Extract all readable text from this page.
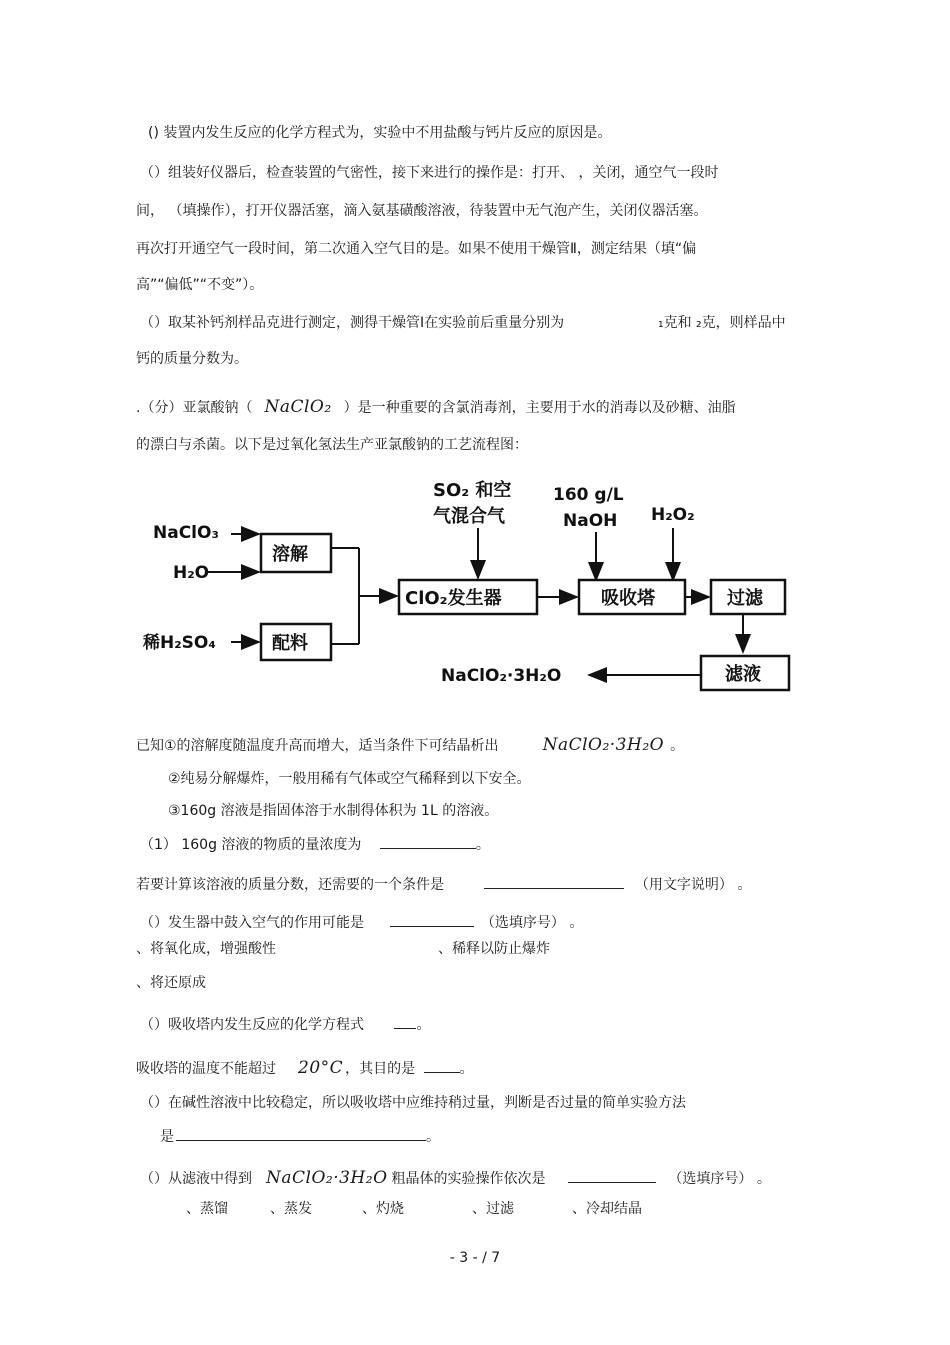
() 装置内发生反应的化学方程式为，实验中不用盐酸与钙片反应的原因是。
（）组装好仪器后，检查装置的气密性，接下来进行的操作是：打开、 ，关闭，通空气一段时
间， （填操作），打开仪器活塞，滴入氨基磺酸溶液，待装置中无气泡产生，关闭仪器活塞。
再次打开通空气一段时间，第二次通入空气目的是。如果不使用干燥管Ⅱ，测定结果（填“偏
高”“偏低”“不变”）。
（）取某补钙剂样品克进行测定，测得干燥管Ⅰ在实验前后重量分别为	₁克和 ₂克，则样品中
钙的质量分数为。
.（分）亚氯酸钠（ NaClO₂ ）是一种重要的含氯消毒剂，主要用于水的消毒以及砂糖、油脂
的漂白与杀菌。以下是过氧化氢法生产亚氯酸钠的工艺流程图：
NaClO₃
H₂O
稀H₂SO₄
溶解
配料
ClO₂发生器
SO₂ 和空
气混合气
160 g/L
NaOH H₂O₂
吸收塔	过滤
滤液
NaClO₂·3H₂O
已知①的溶解度随温度升高而增大，适当条件下可结晶析出	NaClO₂·3H₂O 。
②纯易分解爆炸，一般用稀有气体或空气稀释到以下安全。
③160g 溶液是指固体溶于水制得体积为 1L 的溶液。
（1） 160g 溶液的物质的量浓度为	。
若要计算该溶液的质量分数，还需要的一个条件是	（用文字说明） 。
（）发生器中鼓入空气的作用可能是	（选填序号） 。
、将氧化成，增强酸性	、稀释以防止爆炸
、将还原成
（）吸收塔内发生反应的化学方程式	。
吸收塔的温度不能超过 20°C ，其目的是	。
（）在碱性溶液中比较稳定，所以吸收塔中应维持稍过量，判断是否过量的简单实验方法
是	。
（）从滤液中得到 NaClO₂·3H₂O 粗晶体的实验操作依次是	（选填序号） 。
、蒸馏	、蒸发	、灼烧	、过滤	、冷却结晶
- 3 - / 7
